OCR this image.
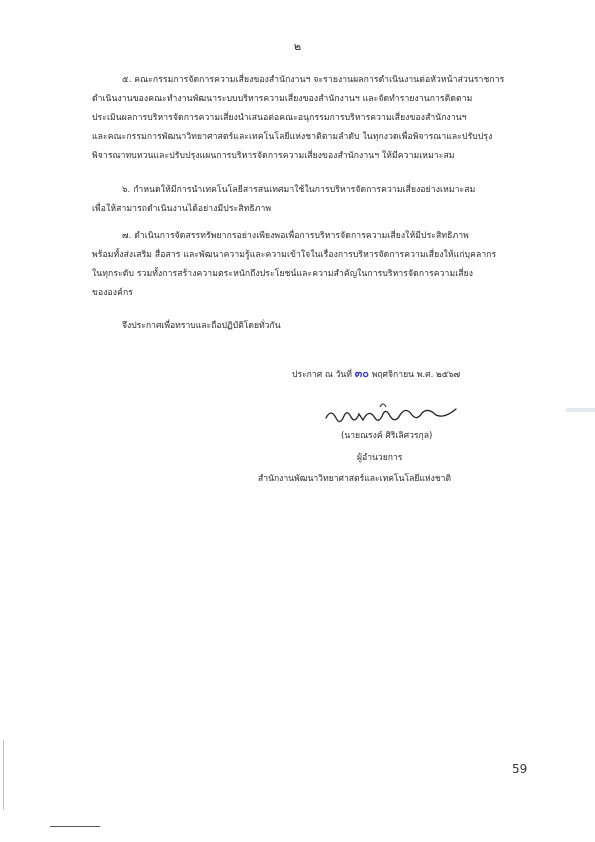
๒

๕. คณะกรรมการจัดการความเสี่ยงของสำนักงานฯ จะรายงานผลการดำเนินงานต่อหัวหน้าส่วนราชการ
ดำเนินงานของคณะทำงานพัฒนาระบบบริหารความเสี่ยงของสำนักงานฯ และจัดทำรายงานการติดตาม
ประเมินผลการบริหารจัดการความเสี่ยงนำเสนอต่อคณะอนุกรรมการบริหารความเสี่ยงของสำนักงานฯ
และคณะกรรมการพัฒนาวิทยาศาสตร์และเทคโนโลยีแห่งชาติตามลำดับ ในทุกงวดเพื่อพิจารณาและปรับปรุง
พิจารณาทบทวนและปรับปรุงแผนการบริหารจัดการความเสี่ยงของสำนักงานฯ ให้มีความเหมาะสม

๖. กำหนดให้มีการนำเทคโนโลยีสารสนเทศมาใช้ในการบริหารจัดการความเสี่ยงอย่างเหมาะสม
เพื่อให้สามารถดำเนินงานได้อย่างมีประสิทธิภาพ

๗. ดำเนินการจัดสรรทรัพยากรอย่างเพียงพอเพื่อการบริหารจัดการความเสี่ยงให้มีประสิทธิภาพ
พร้อมทั้งส่งเสริม สื่อสาร และพัฒนาความรู้และความเข้าใจในเรื่องการบริหารจัดการความเสี่ยงให้แก่บุคลากร
ในทุกระดับ รวมทั้งการสร้างความตระหนักถึงประโยชน์และความสำคัญในการบริหารจัดการความเสี่ยง
ขององค์กร

จึงประกาศเพื่อทราบและถือปฏิบัติโดยทั่วกัน
ประกาศ ณ วันที่ ๓๐ พฤศจิกายน พ.ศ. ๒๕๖๗
(นายณรงค์ ศิริเลิศวรกุล)
ผู้อำนวยการ
สำนักงานพัฒนาวิทยาศาสตร์และเทคโนโลยีแห่งชาติ
59
